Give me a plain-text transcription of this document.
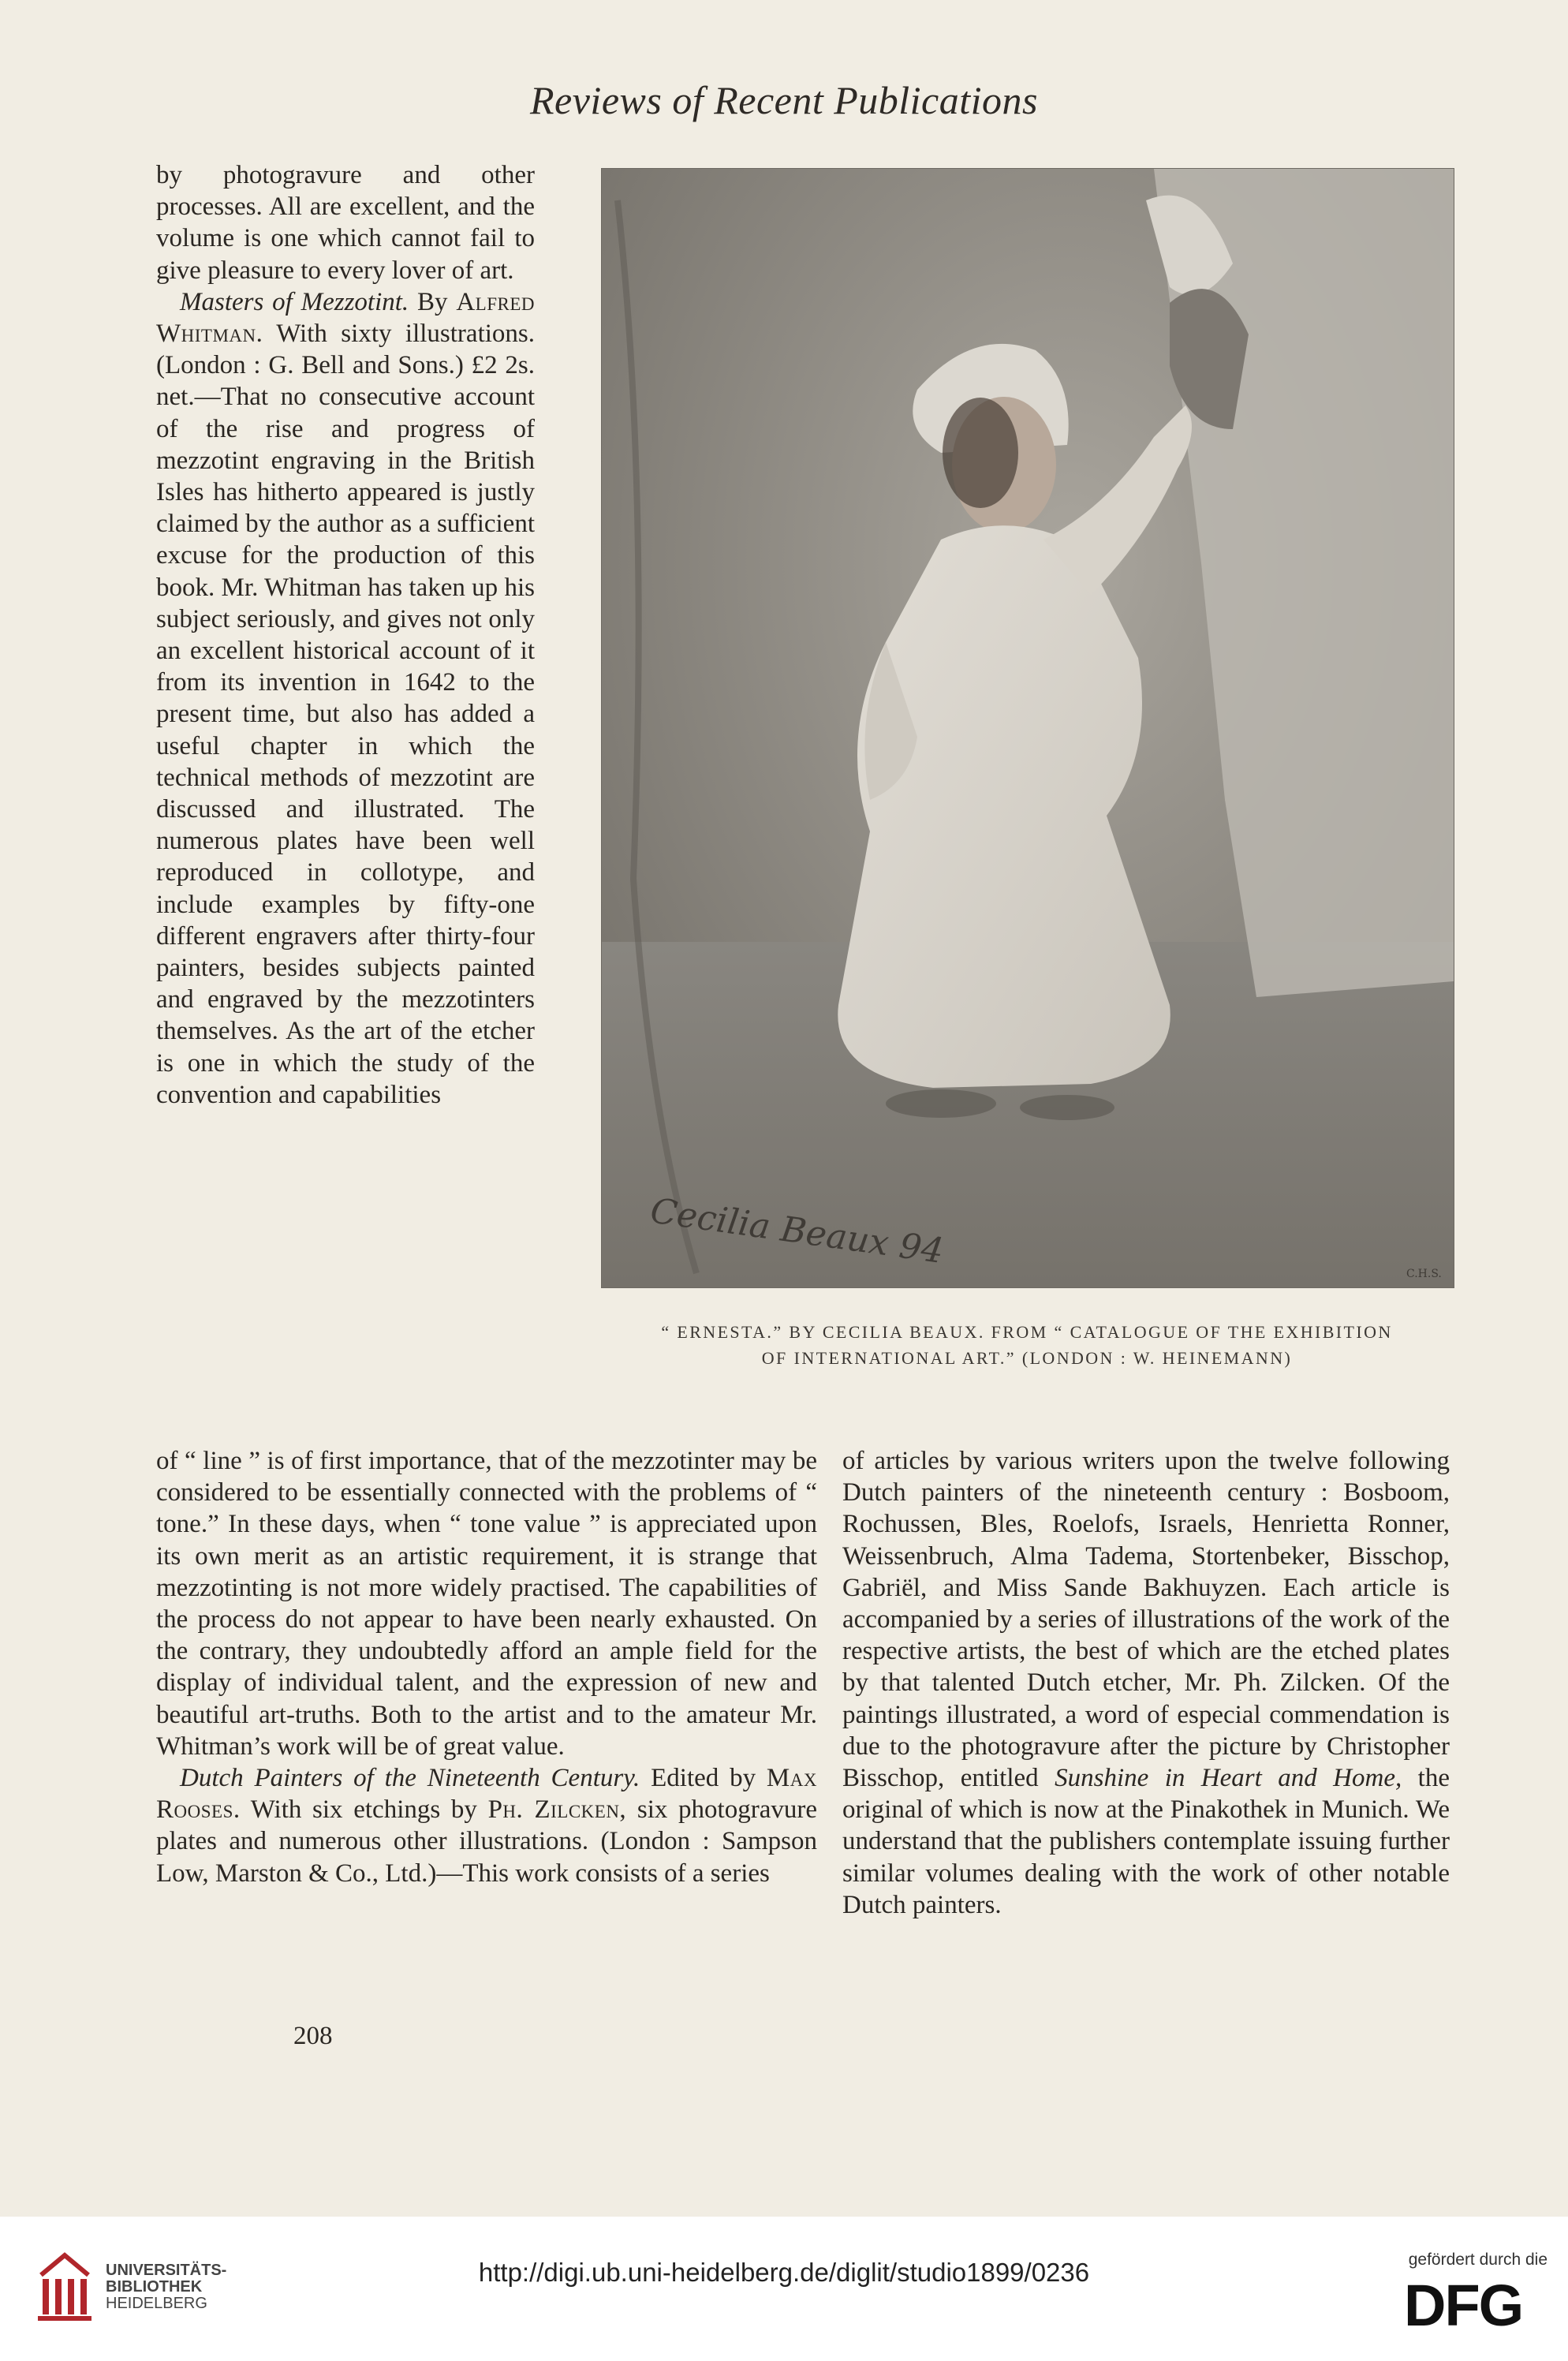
Reviews of Recent Publications

by photogravure and other processes. All are excellent, and the volume is one which cannot fail to give pleasure to every lover of art.

Masters of Mezzotint. By Alfred Whitman. With sixty illustrations. (London : G. Bell and Sons.) £2 2s. net.—That no consecutive account of the rise and progress of mezzotint engraving in the British Isles has hitherto appeared is justly claimed by the author as a sufficient excuse for the production of this book. Mr. Whitman has taken up his subject seriously, and gives not only an excellent historical account of it from its invention in 1642 to the present time, but also has added a useful chapter in which the technical methods of mezzotint are discussed and illustrated. The numerous plates have been well reproduced in collotype, and include examples by fifty-one different engravers after thirty-four painters, besides subjects painted and engraved by the mezzotinters themselves. As the art of the etcher is one in which the study of the convention and capabilities

Cecilia Beaux 94
C.H.S.
“ ERNESTA.” BY CECILIA BEAUX. FROM “ CATALOGUE OF THE EXHIBITION
OF INTERNATIONAL ART.” (LONDON : W. HEINEMANN)

of “ line ” is of first importance, that of the mezzotinter may be considered to be essentially connected with the problems of “ tone.” In these days, when “ tone value ” is appreciated upon its own merit as an artistic requirement, it is strange that mezzotinting is not more widely practised. The capabilities of the process do not appear to have been nearly exhausted. On the contrary, they undoubtedly afford an ample field for the display of individual talent, and the expression of new and beautiful art-truths. Both to the artist and to the amateur Mr. Whitman’s work will be of great value.

Dutch Painters of the Nineteenth Century. Edited by Max Rooses. With six etchings by Ph. Zilcken, six photogravure plates and numerous other illustrations. (London : Sampson Low, Marston & Co., Ltd.)—This work consists of a series

of articles by various writers upon the twelve following Dutch painters of the nineteenth century : Bosboom, Rochussen, Bles, Roelofs, Israels, Henrietta Ronner, Weissenbruch, Alma Tadema, Stortenbeker, Bisschop, Gabriël, and Miss Sande Bakhuyzen. Each article is accompanied by a series of illustrations of the work of the respective artists, the best of which are the etched plates by that talented Dutch etcher, Mr. Ph. Zilcken. Of the paintings illustrated, a word of especial commendation is due to the photogravure after the picture by Christopher Bisschop, entitled Sunshine in Heart and Home, the original of which is now at the Pinakothek in Munich. We understand that the publishers contemplate issuing further similar volumes dealing with the work of other notable Dutch painters.

208
UNIVERSITÄTS-
BIBLIOTHEK
HEIDELBERG
http://digi.ub.uni-heidelberg.de/diglit/studio1899/0236	gefördert durch die
DFG
